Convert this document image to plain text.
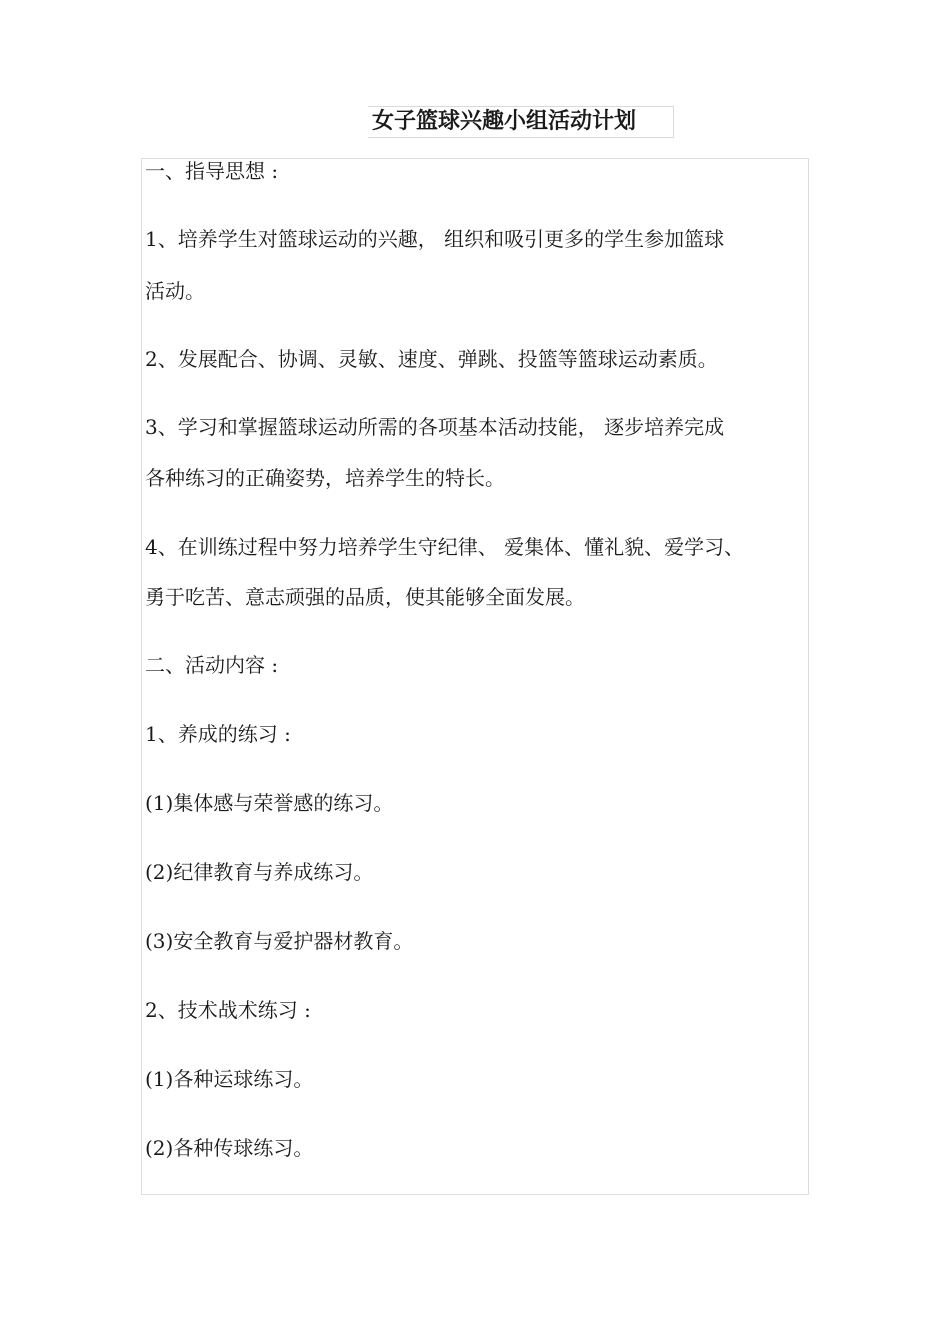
女子篮球兴趣小组活动计划
一、指导思想 :
1、培养学生对篮球运动的兴趣， 组织和吸引更多的学生参加篮球
活动。
2、发展配合、协调、灵敏、速度、弹跳、投篮等篮球运动素质。
3、学习和掌握篮球运动所需的各项基本活动技能， 逐步培养完成
各种练习的正确姿势，培养学生的特长。
4、在训练过程中努力培养学生守纪律、 爱集体、懂礼貌、爱学习、
勇于吃苦、意志顽强的品质，使其能够全面发展。
二、活动内容 :
1、养成的练习 :
(1)集体感与荣誉感的练习。
(2)纪律教育与养成练习。
(3)安全教育与爱护器材教育。
2、技术战术练习 :
(1)各种运球练习。
(2)各种传球练习。
